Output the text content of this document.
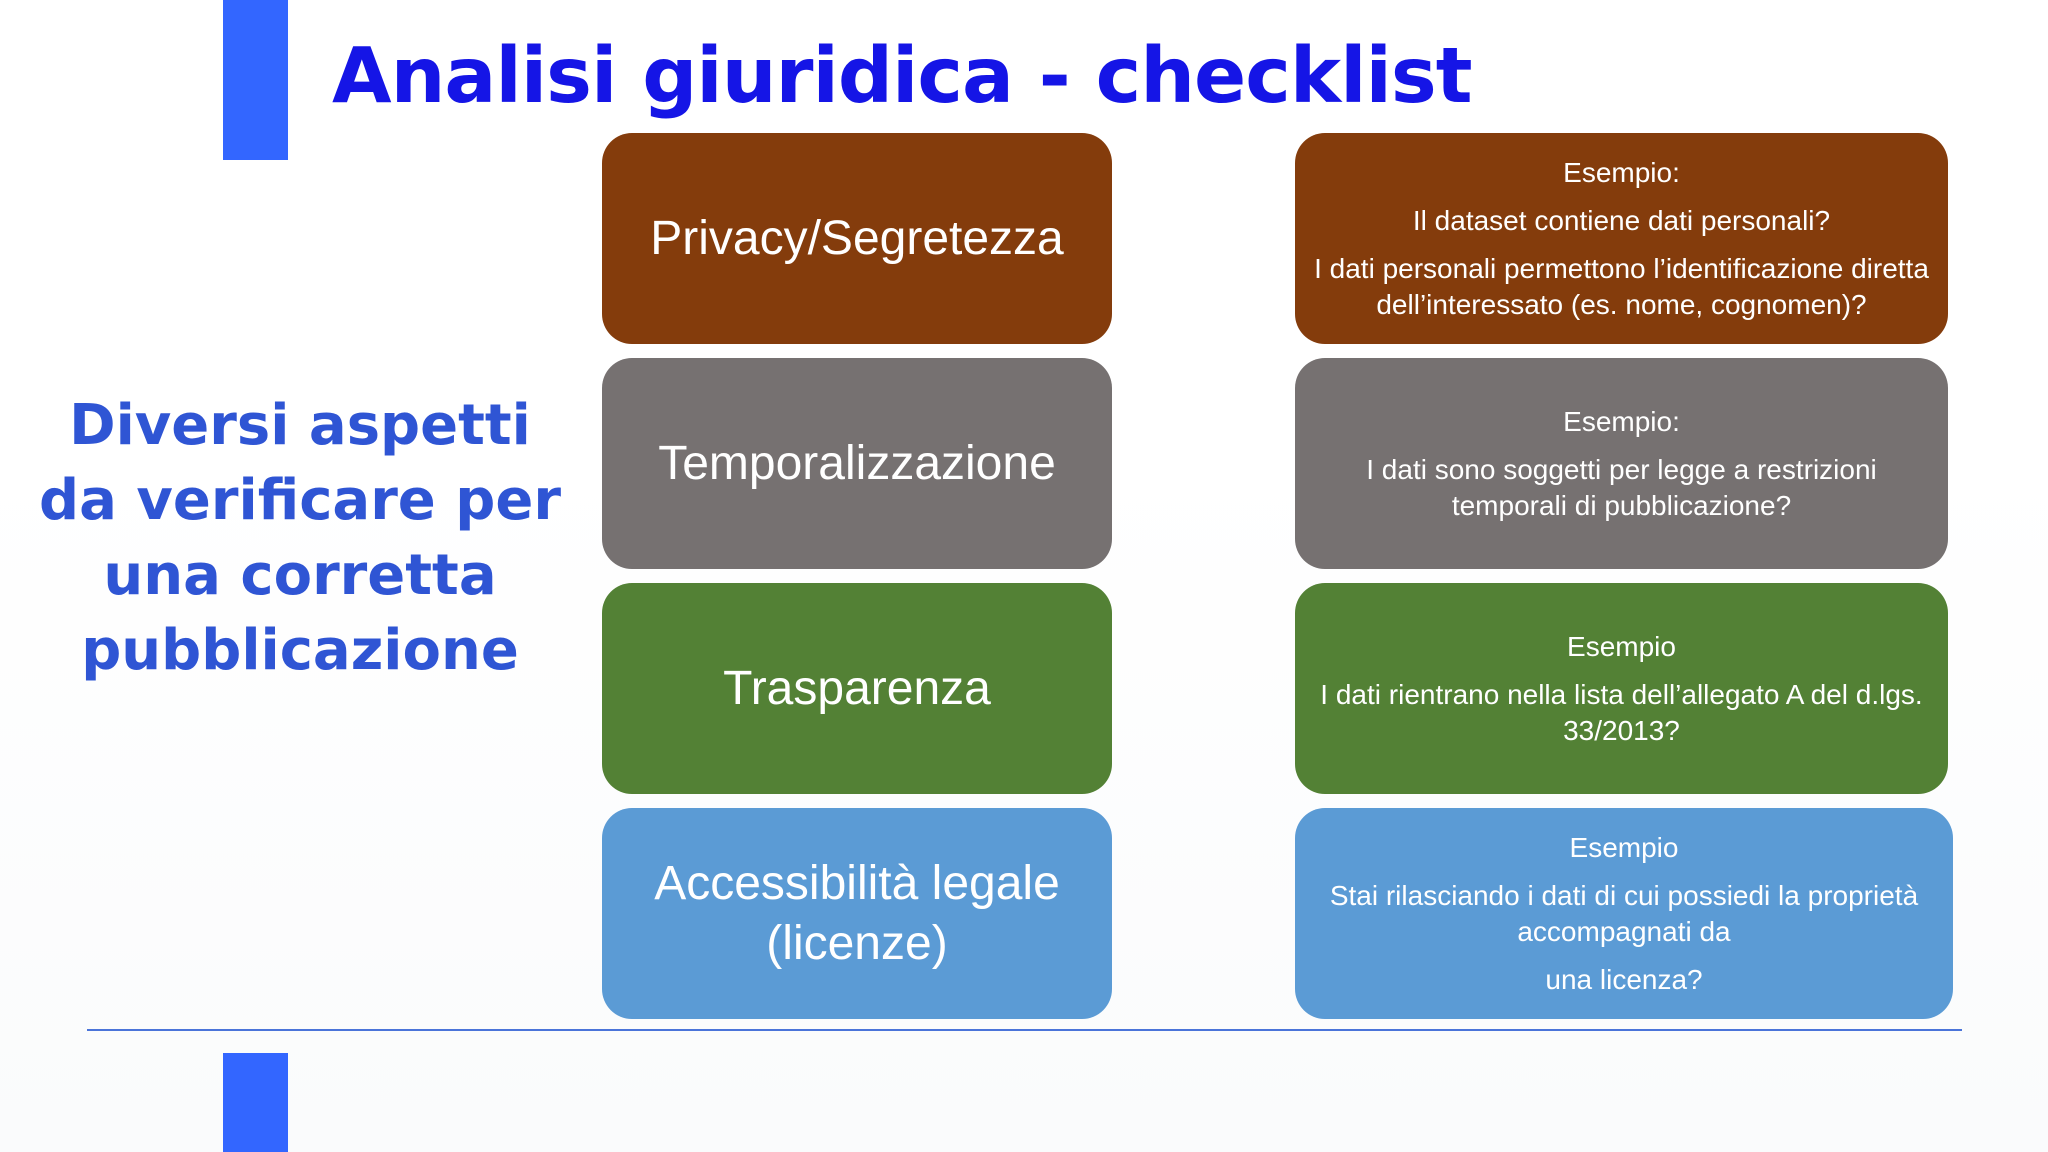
Analisi giuridica - checklist

Diversi aspetti da verificare per una corretta pubblicazione

Privacy/Segretezza

Esempio:

Il dataset contiene dati personali?

I dati personali permettono l’identificazione diretta dell’interessato (es. nome, cognomen)?

Temporalizzazione

Esempio:

I dati sono soggetti per legge a restrizioni temporali di pubblicazione?

Trasparenza

Esempio

I dati rientrano nella lista dell’allegato A del d.lgs. 33/2013?

Accessibilità legale (licenze)

Esempio

Stai rilasciando i dati di cui possiedi la proprietà accompagnati da

una licenza?
